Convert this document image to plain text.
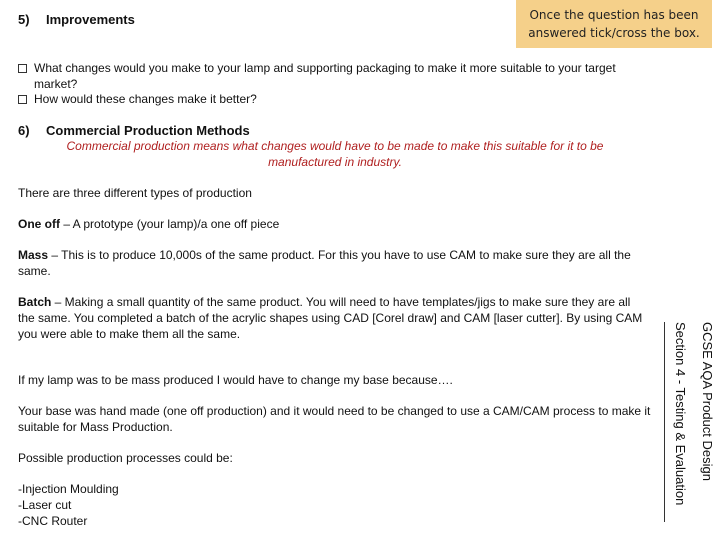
5) Improvements	Once the question has been answered tick/cross the box.
What changes would you make to your lamp and supporting packaging to make it more suitable to your target market?
How would these changes make it better?
6) Commercial Production Methods
Commercial production means what changes would have to be made to make this suitable for it to be manufactured in industry.
There are three different types of production
One off – A prototype (your lamp)/a one off piece
Mass – This is to produce 10,000s of the same product. For this you have to use CAM to make sure they are all the same.
Batch – Making a small quantity of the same product. You will need to have templates/jigs to make sure they are all the same. You completed a batch of the acrylic shapes using CAD [Corel draw] and CAM [laser cutter]. By using CAM you were able to make them all the same.
If my lamp was to be mass produced I would have to change my base because….
Your base was hand made (one off production) and it would need to be changed to use a CAM/CAM process to make it suitable for Mass Production.
Possible production processes could be:
-Injection Moulding
-Laser cut
-CNC Router
GCSE AQA Product Design
Section 4 - Testing & Evaluation
